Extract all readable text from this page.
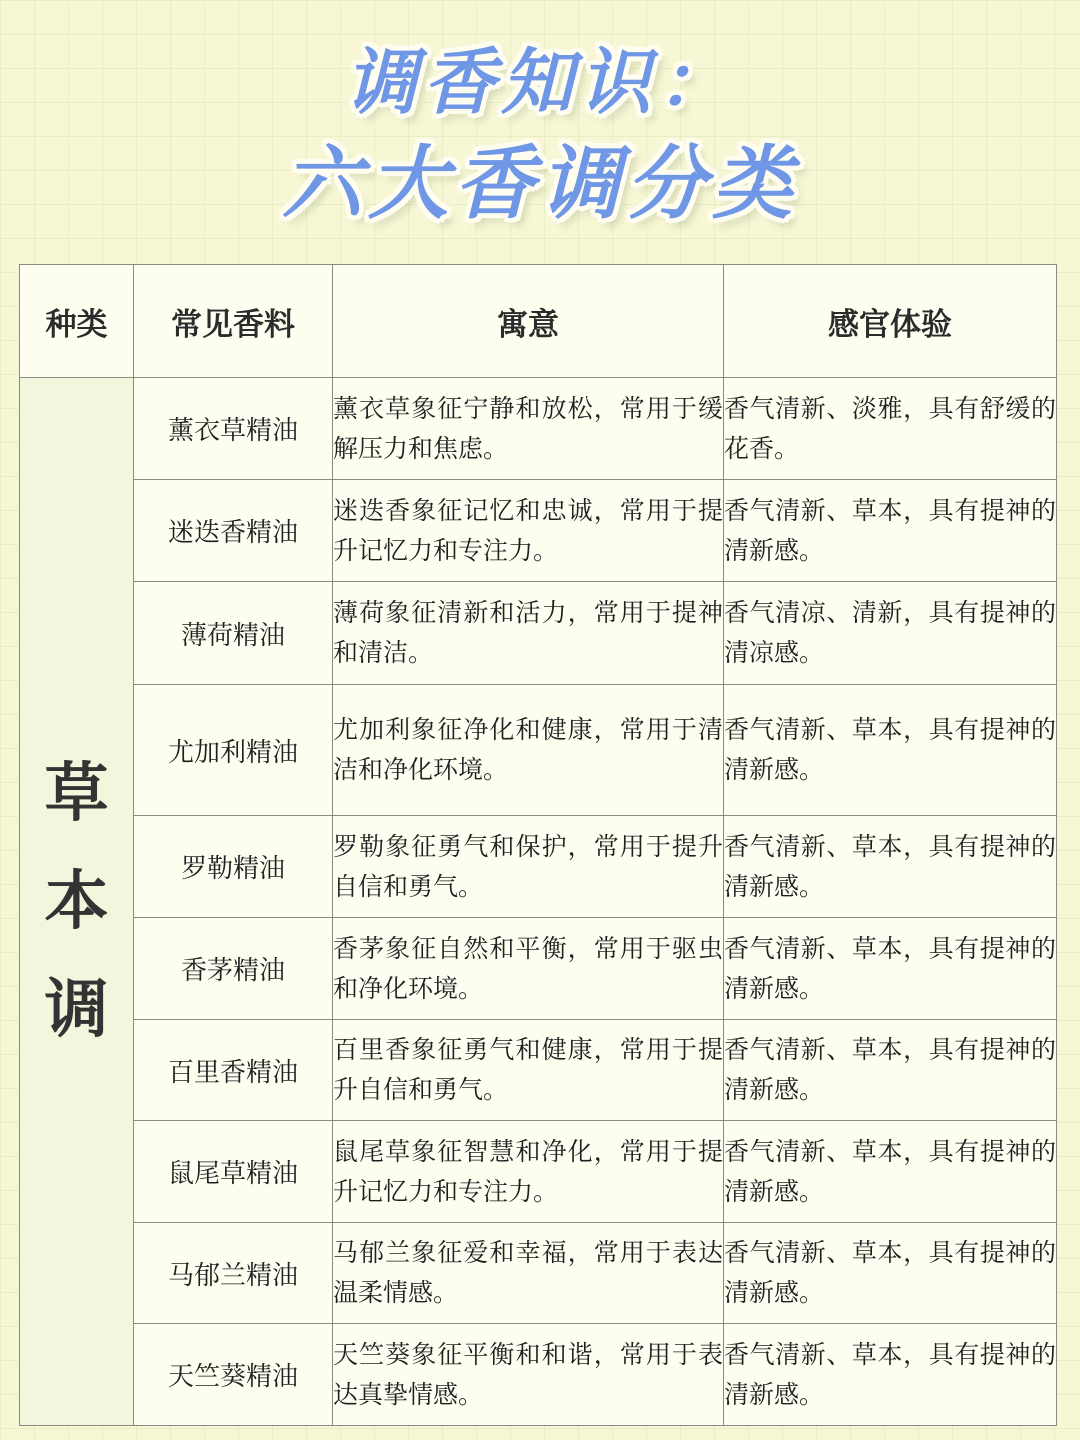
调香知识：
六大香调分类
种类	常见香料	寓意	感官体验
草本调	薰衣草精油	薰衣草象征宁静和放松，常用于缓解压力和焦虑。	香气清新、淡雅，具有舒缓的花香。
	迷迭香精油	迷迭香象征记忆和忠诚，常用于提升记忆力和专注力。	香气清新、草本，具有提神的清新感。
	薄荷精油	薄荷象征清新和活力，常用于提神和清洁。	香气清凉、清新，具有提神的清凉感。
	尤加利精油	尤加利象征净化和健康，常用于清洁和净化环境。	香气清新、草本，具有提神的清新感。
	罗勒精油	罗勒象征勇气和保护，常用于提升自信和勇气。	香气清新、草本，具有提神的清新感。
	香茅精油	香茅象征自然和平衡，常用于驱虫和净化环境。	香气清新、草本，具有提神的清新感。
	百里香精油	百里香象征勇气和健康，常用于提升自信和勇气。	香气清新、草本，具有提神的清新感。
	鼠尾草精油	鼠尾草象征智慧和净化，常用于提升记忆力和专注力。	香气清新、草本，具有提神的清新感。
	马郁兰精油	马郁兰象征爱和幸福，常用于表达温柔情感。	香气清新、草本，具有提神的清新感。
	天竺葵精油	天竺葵象征平衡和和谐，常用于表达真挚情感。	香气清新、草本，具有提神的清新感。
